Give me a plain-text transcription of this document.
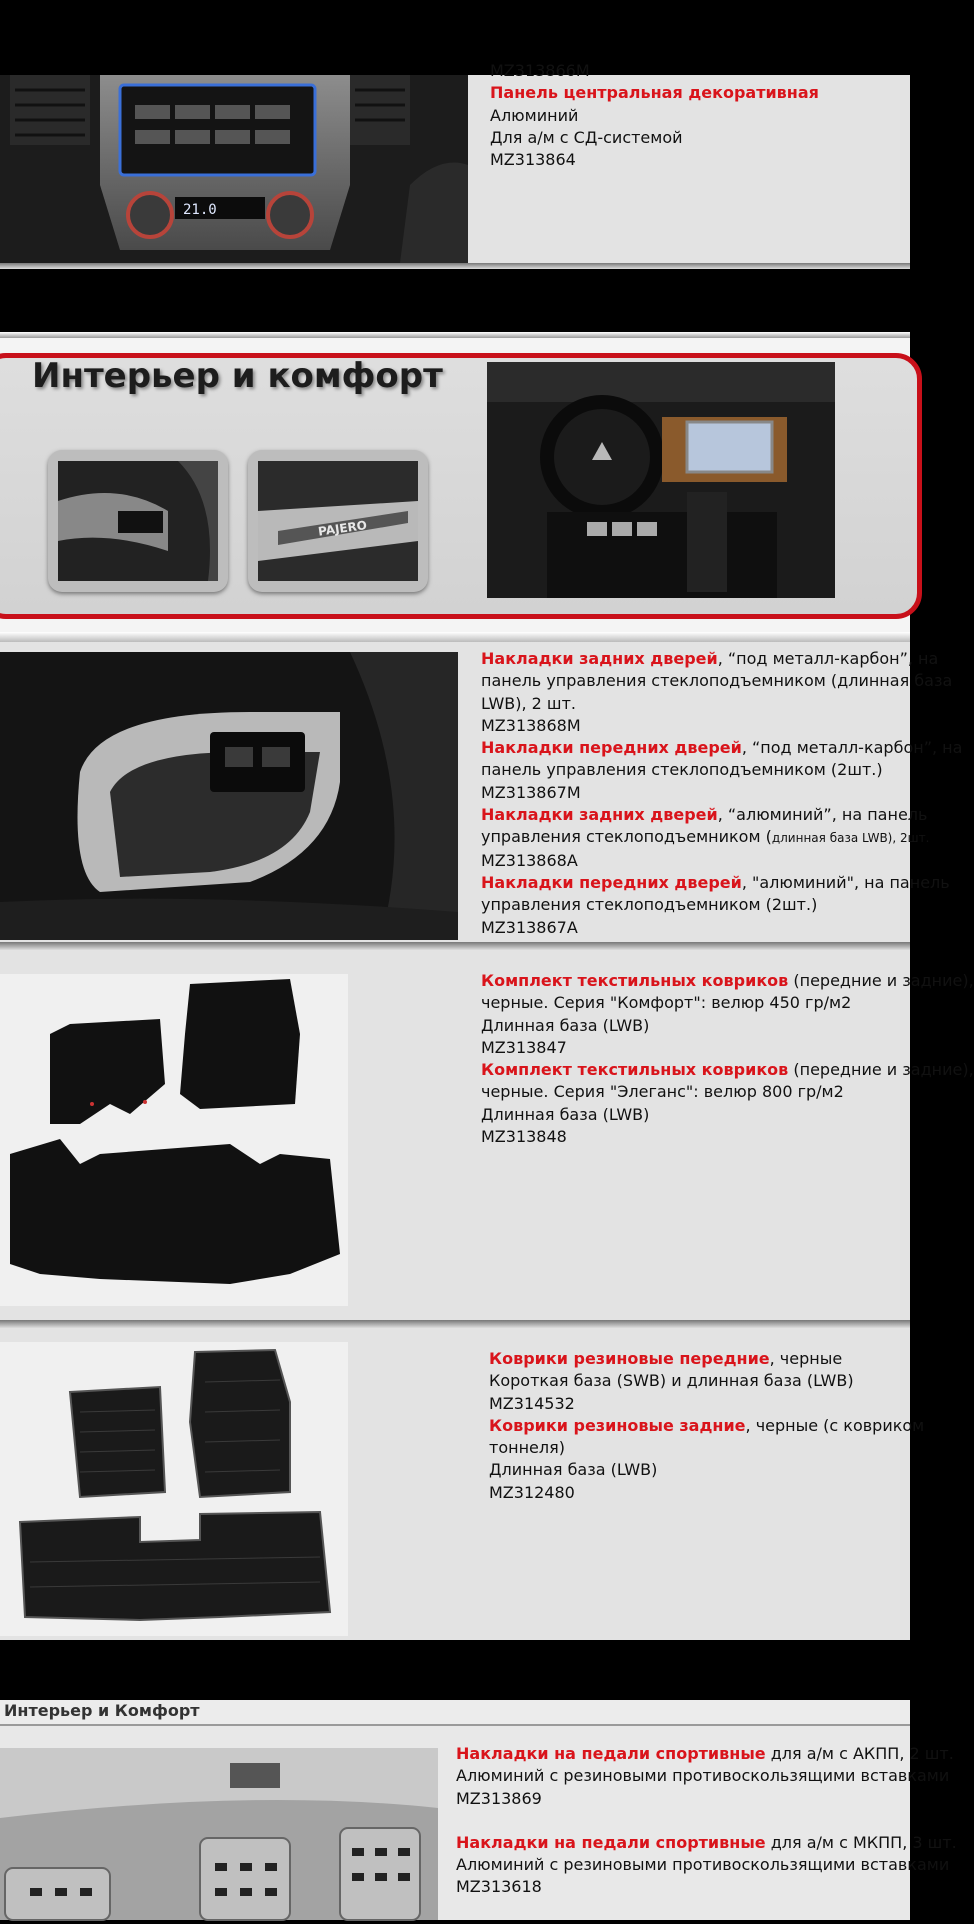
21.0
MZ313866M
Панель центральная декоративная
Алюминий
Для а/м с СД-системой
MZ313864
Интерьер и комфорт
PAJERO
Накладки задних дверей, “под металл-карбон”, на
панель управления стеклоподъемником (длинная база
LWB), 2 шт.
MZ313868M
Накладки передних дверей, “под металл-карбон”, на
панель управления стеклоподъемником (2шт.)
MZ313867M
Накладки задних дверей, “алюминий”, на панель
управления стеклоподъемником (длинная база LWB), 2шт.
MZ313868A
Накладки передних дверей, "алюминий", на панель
управления стеклоподъемником (2шт.)
MZ313867A
Комплект текстильных ковриков (передние и задние),
черные. Серия "Комфорт": велюр 450 гр/м2
Длинная база (LWB)
MZ313847
Комплект текстильных ковриков (передние и задние),
черные. Серия "Элеганс": велюр 800 гр/м2
Длинная база (LWB)
MZ313848
Коврики резиновые передние, черные
Короткая база (SWB) и длинная база (LWB)
MZ314532
Коврики резиновые задние, черные (с ковриком
тоннеля)
Длинная база (LWB)
MZ312480
Интерьер и Комфорт
Накладки на педали спортивные для а/м с АКПП, 2 шт.
Алюминий с резиновыми противоскользящими вставками
MZ313869
Накладки на педали спортивные для а/м с МКПП, 3 шт.
Алюминий с резиновыми противоскользящими вставками
MZ313618
